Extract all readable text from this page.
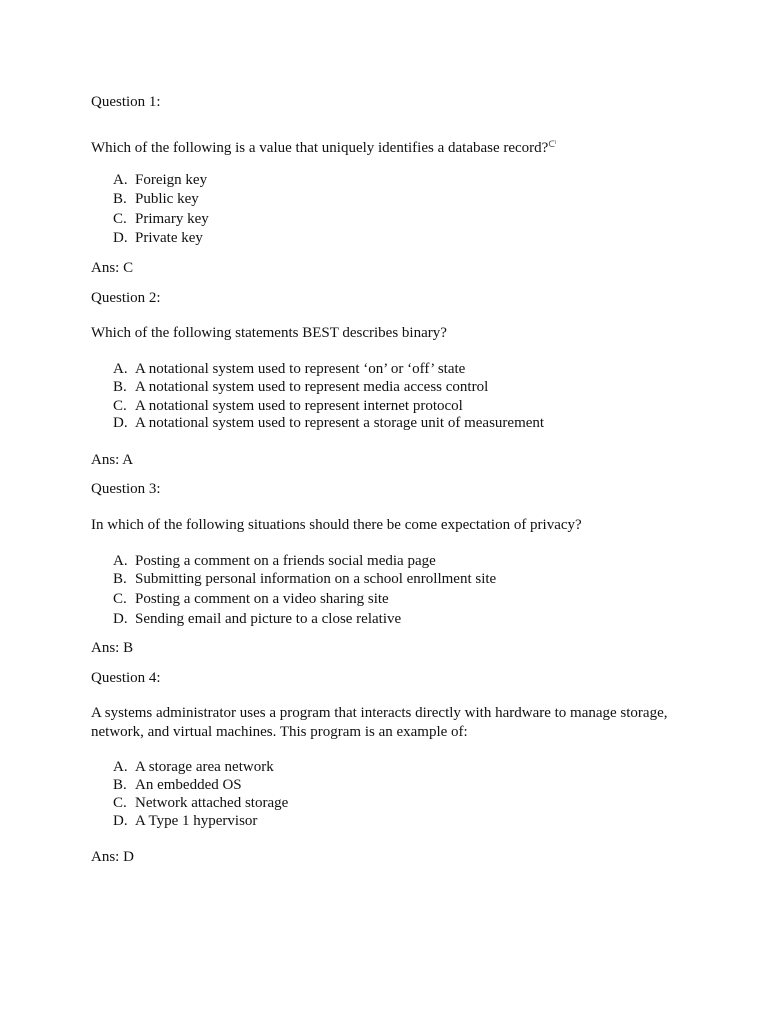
Question 1:
Which of the following is a value that uniquely identifies a database record?$^{ᑕ^i}$
A. Foreign key
B. Public key
C. Primary key
D. Private key
Ans: C
Question 2:
Which of the following statements BEST describes binary?
A. A notational system used to represent ‘on’ or ‘off’ state
B. A notational system used to represent media access control
C. A notational system used to represent internet protocol
D. A notational system used to represent a storage unit of measurement
Ans: A
Question 3:
In which of the following situations should there be come expectation of privacy?
A. Posting a comment on a friends social media page
B. Submitting personal information on a school enrollment site
C. Posting a comment on a video sharing site
D. Sending email and picture to a close relative
Ans: B
Question 4:
A systems administrator uses a program that interacts directly with hardware to manage storage, network, and virtual machines. This program is an example of:
A. A storage area network
B. An embedded OS
C. Network attached storage
D. A Type 1 hypervisor
Ans: D
